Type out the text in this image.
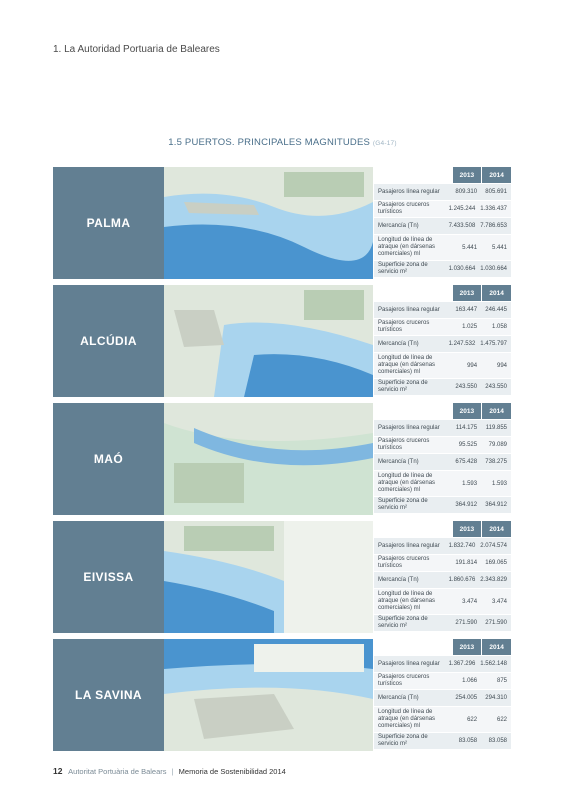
1. La Autoridad Portuaria de Baleares
1.5 PUERTOS. PRINCIPALES MAGNITUDES (G4-17)
PALMA
2013	2014
Pasajeros línea regular	809.310	805.691
Pasajeros cruceros turísticos	1.245.244 1.336.437
Mercancía (Tn)	7.433.508 7.786.653
Longitud de línea de atraque (en dársenas comerciales) ml
5.441	5.441
Superficie zona de servicio m²	1.030.664 1.030.664
ALCÚDIA
2013	2014
Pasajeros línea regular	163.447	246.445
Pasajeros cruceros turísticos	1.025	1.058
Mercancía (Tn)	1.247.532 1.475.797
Longitud de línea de atraque (en dársenas comerciales) ml
994	994
Superficie zona de servicio m²	243.550	243.550
MAÓ
2013	2014
Pasajeros línea regular	114.175	119.855
Pasajeros cruceros turísticos	95.525	79.089
Mercancía (Tn)	675.428	738.275
Longitud de línea de atraque (en dársenas comerciales) ml
1.593	1.593
Superficie zona de servicio m²	364.912	364.912
EIVISSA
2013	2014
Pasajeros línea regular	1.832.740 2.074.574
Pasajeros cruceros turísticos	191.814	169.065
Mercancía (Tn)	1.860.676 2.343.829
Longitud de línea de atraque (en dársenas comerciales) ml
3.474	3.474
Superficie zona de servicio m²	271.590	271.590
LA SAVINA
2013	2014
Pasajeros línea regular	1.367.296 1.562.148
Pasajeros cruceros turísticos	1.066	875
Mercancía (Tn)	254.005	294.310
Longitud de línea de atraque (en dársenas comerciales) ml
622	622
Superficie zona de servicio m²	83.058	83.058
12 Autoritat Portuària de Balears | Memoria de Sostenibilidad 2014
